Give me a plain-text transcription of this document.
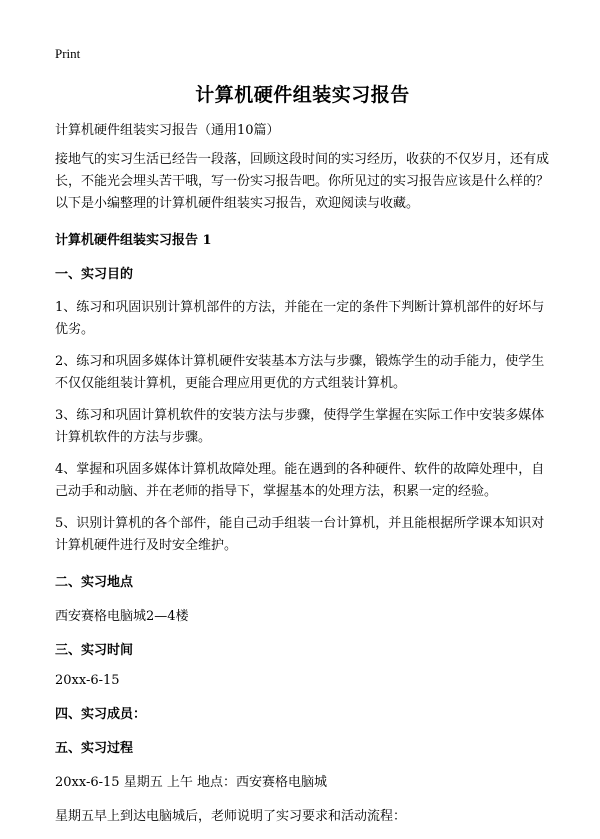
Print
计算机硬件组装实习报告
计算机硬件组装实习报告（通用10篇）
接地气的实习生活已经告一段落，回顾这段时间的实习经历，收获的不仅岁月，还有成长，不能光会埋头苦干哦，写一份实习报告吧。你所见过的实习报告应该是什么样的？以下是小编整理的计算机硬件组装实习报告，欢迎阅读与收藏。
计算机硬件组装实习报告 1
一、实习目的
1、练习和巩固识别计算机部件的方法，并能在一定的条件下判断计算机部件的好坏与优劣。
2、练习和巩固多媒体计算机硬件安装基本方法与步骤，锻炼学生的动手能力，使学生不仅仅能组装计算机，更能合理应用更优的方式组装计算机。
3、练习和巩固计算机软件的安装方法与步骤，使得学生掌握在实际工作中安装多媒体计算机软件的方法与步骤。
4、掌握和巩固多媒体计算机故障处理。能在遇到的各种硬件、软件的故障处理中，自己动手和动脑、并在老师的指导下，掌握基本的处理方法，积累一定的经验。
5、识别计算机的各个部件，能自己动手组装一台计算机，并且能根据所学课本知识对计算机硬件进行及时安全维护。
二、实习地点
西安赛格电脑城2—4楼
三、实习时间
20xx-6-15
四、实习成员：
五、实习过程
20xx-6-15 星期五 上午 地点：西安赛格电脑城
星期五早上到达电脑城后，老师说明了实习要求和活动流程：
